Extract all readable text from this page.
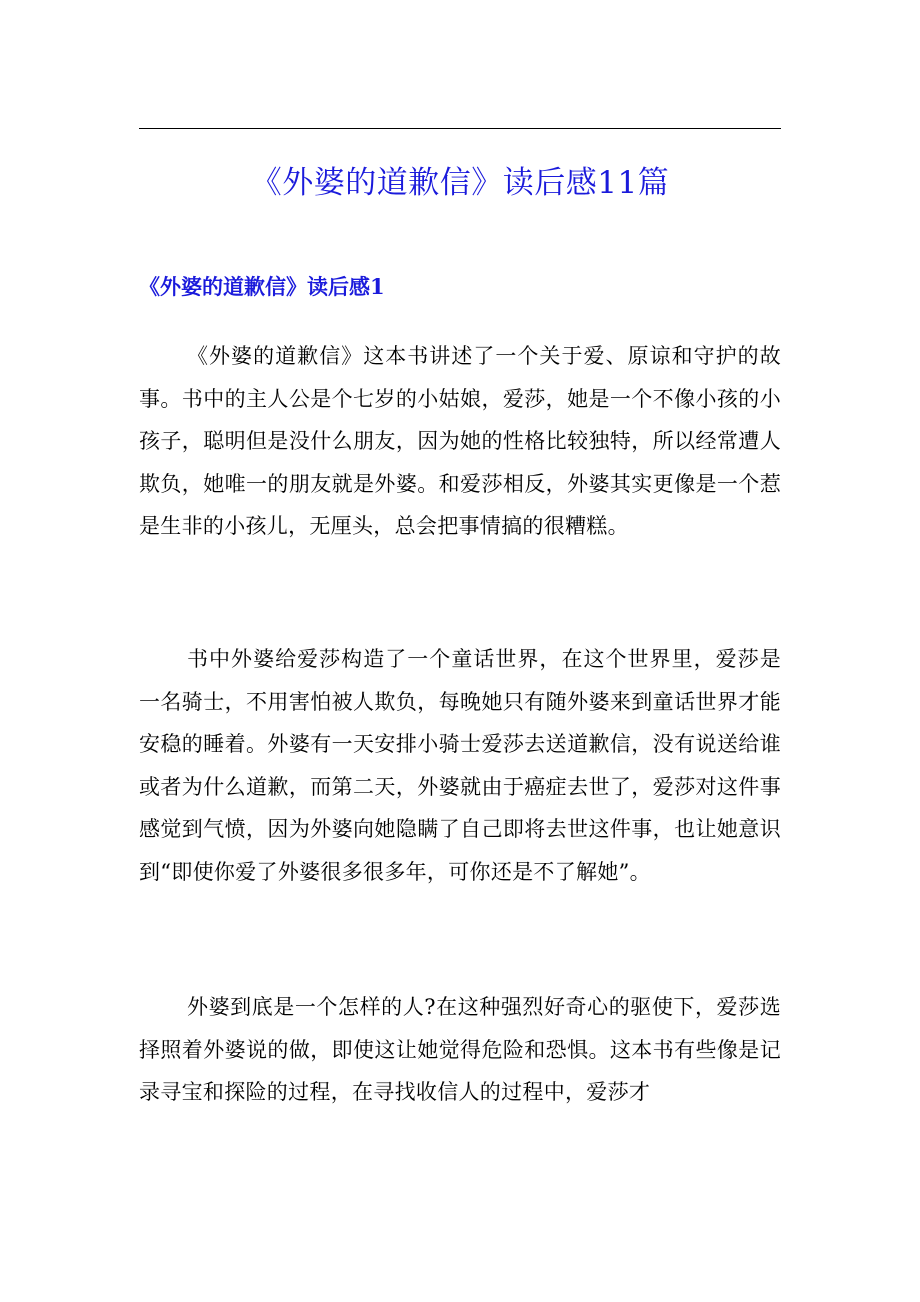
《外婆的道歉信》读后感11篇
《外婆的道歉信》读后感1

《外婆的道歉信》这本书讲述了一个关于爱、原谅和守护的故事。书中的主人公是个七岁的小姑娘，爱莎，她是一个不像小孩的小孩子，聪明但是没什么朋友，因为她的性格比较独特，所以经常遭人欺负，她唯一的朋友就是外婆。和爱莎相反，外婆其实更像是一个惹是生非的小孩儿，无厘头，总会把事情搞的很糟糕。

书中外婆给爱莎构造了一个童话世界，在这个世界里，爱莎是一名骑士，不用害怕被人欺负，每晚她只有随外婆来到童话世界才能安稳的睡着。外婆有一天安排小骑士爱莎去送道歉信，没有说送给谁或者为什么道歉，而第二天，外婆就由于癌症去世了，爱莎对这件事感觉到气愤，因为外婆向她隐瞒了自己即将去世这件事，也让她意识到“即使你爱了外婆很多很多年，可你还是不了解她”。

外婆到底是一个怎样的人?在这种强烈好奇心的驱使下，爱莎选择照着外婆说的做，即使这让她觉得危险和恐惧。这本书有些像是记录寻宝和探险的过程，在寻找收信人的过程中，爱莎才
